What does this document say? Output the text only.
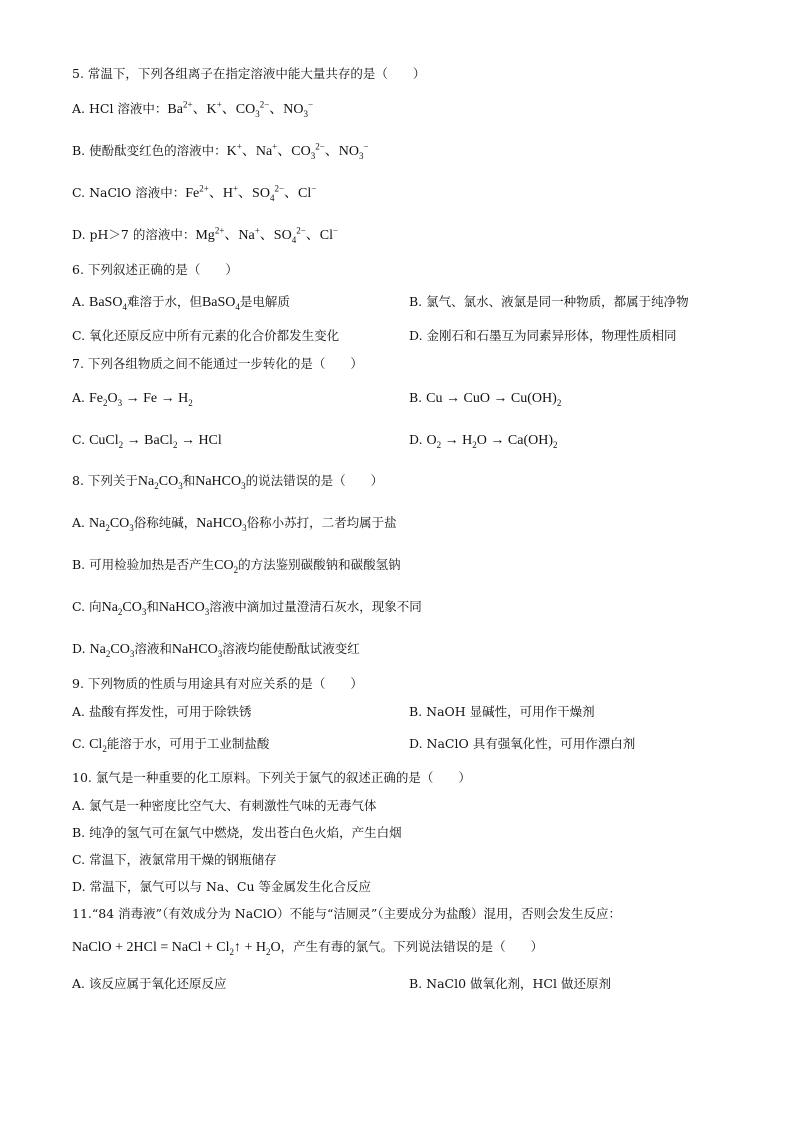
5. 常温下，下列各组离子在指定溶液中能大量共存的是（　　）
A. HCl 溶液中：$Ba^{2+}$、K+、$CO_3^{2-}$、$NO_3^-$
B. 使酚酞变红色的溶液中：K+、Na+、$CO_3^{2-}$、$NO_3^-$
C. NaClO 溶液中：$Fe^{2+}$、H+、$SO_4^{2-}$、Cl−
D. pH＞7 的溶液中：$Mg^{2+}$、Na+、$SO_4^{2-}$、Cl−
6. 下列叙述正确的是（　　）
A. BaSO$_4$难溶于水，但BaSO$_4$是电解质	B. 氯气、氯水、液氯是同一种物质，都属于纯净物
C. 氧化还原反应中所有元素的化合价都发生变化	D. 金刚石和石墨互为同素异形体，物理性质相同
7. 下列各组物质之间不能通过一步转化的是（　　）
A. $Fe_2O_3 \to Fe \to H_2$	B. Cu → CuO → $Cu(OH)_2$
C. CuCl$_2$ → BaCl$_2$ → HCl	D. $O_2 \to H_2O \to Ca(OH)_2$
8. 下列关于$Na_2CO_3$和NaHCO$_3$的说法错误的是（　　）
A. $Na_2CO_3$俗称纯碱，NaHCO$_3$俗称小苏打，二者均属于盐
B. 可用检验加热是否产生$CO_2$的方法鉴别碳酸钠和碳酸氢钠
C. 向$Na_2CO_3$和NaHCO$_3$溶液中滴加过量澄清石灰水，现象不同
D. $Na_2CO_3$溶液和NaHCO$_3$溶液均能使酚酞试液变红
9. 下列物质的性质与用途具有对应关系的是（　　）
A. 盐酸有挥发性，可用于除铁锈	B. NaOH 显碱性，可用作干燥剂
C. $Cl_2$能溶于水，可用于工业制盐酸	D. NaClO 具有强氧化性，可用作漂白剂
10. 氯气是一种重要的化工原料。下列关于氯气的叙述正确的是（　　）
A. 氯气是一种密度比空气大、有刺激性气味的无毒气体
B. 纯净的氢气可在氯气中燃烧，发出苍白色火焰，产生白烟
C. 常温下，液氯常用干燥的钢瓶储存
D. 常温下，氯气可以与 Na、Cu 等金属发生化合反应
11.“84 消毒液”（有效成分为 NaClO）不能与“洁厕灵”（主要成分为盐酸）混用，否则会发生反应：
NaClO + 2HCl = NaCl + $Cl_2↑ + H_2O$，产生有毒的氯气。下列说法错误的是（　　）
A. 该反应属于氧化还原反应	B. NaCl0 做氧化剂，HCl 做还原剂
